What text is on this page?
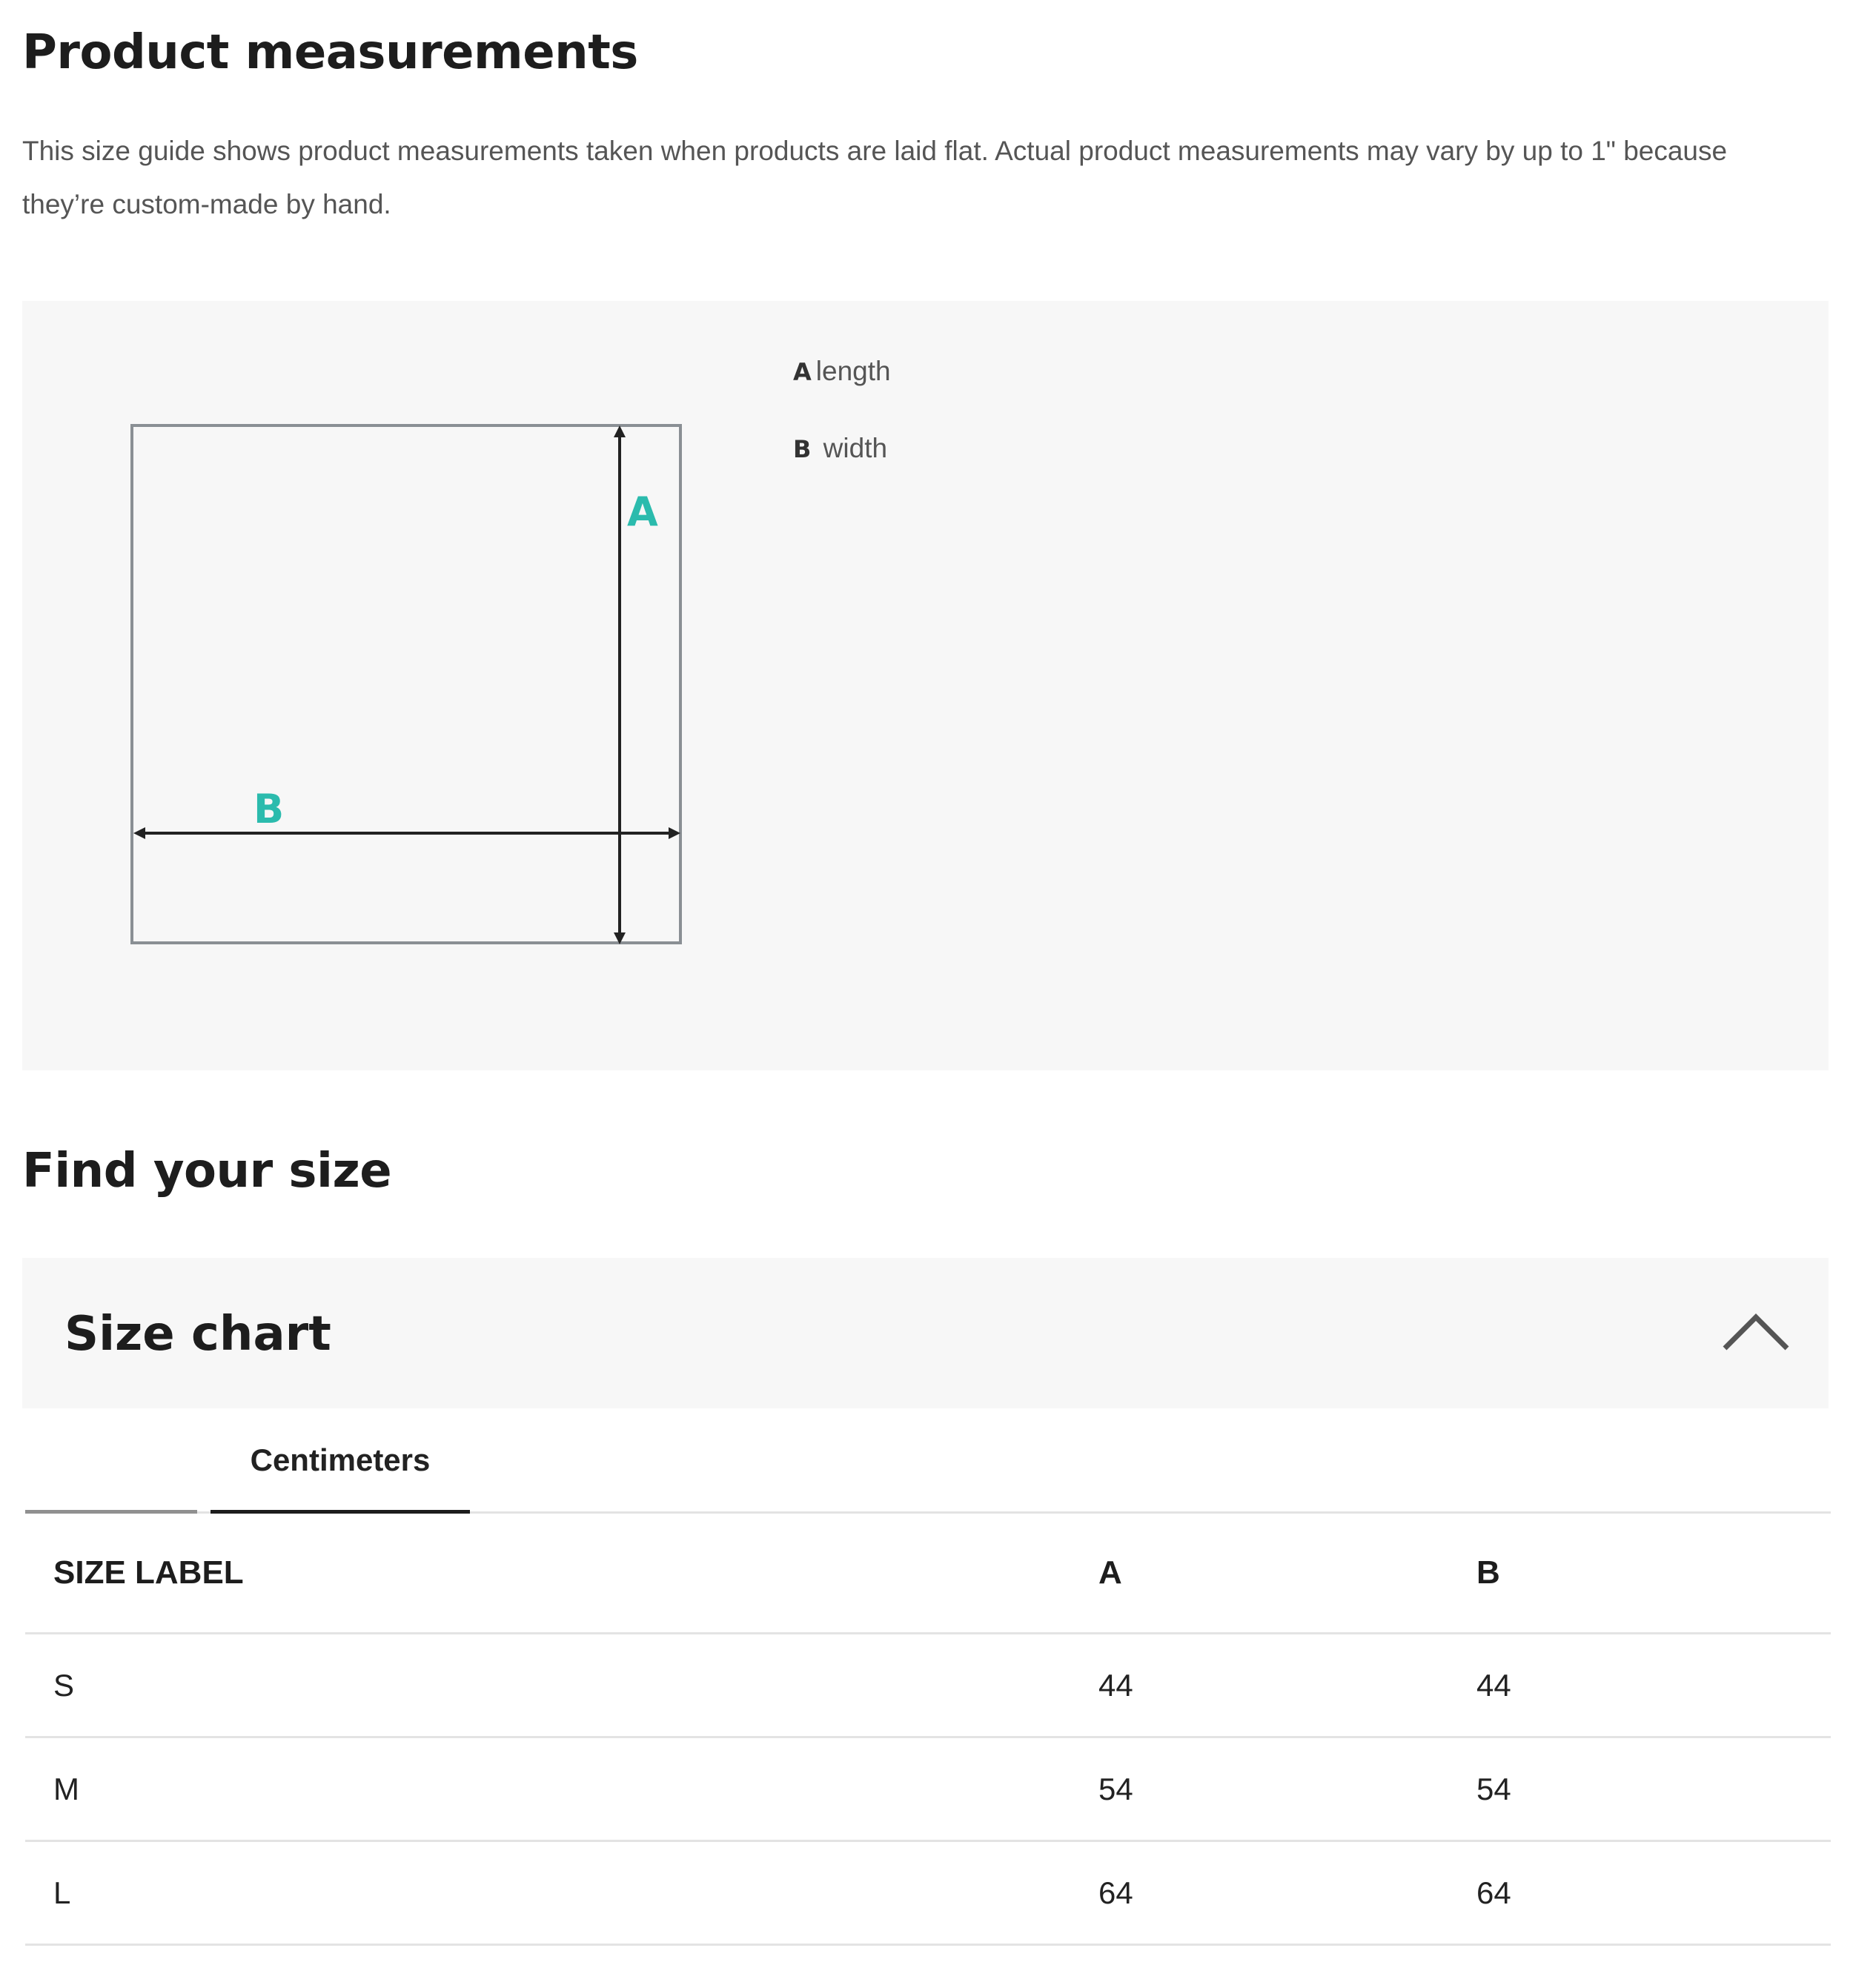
Product measurements
This size guide shows product measurements taken when products are laid flat. Actual product measurements may vary by up to 1" because
they’re custom-made by hand.
A
B
A length
B width
Find your size
Size chart
Centimeters
SIZE LABEL	A	B
S	44	44
M	54	54
L	64	64
